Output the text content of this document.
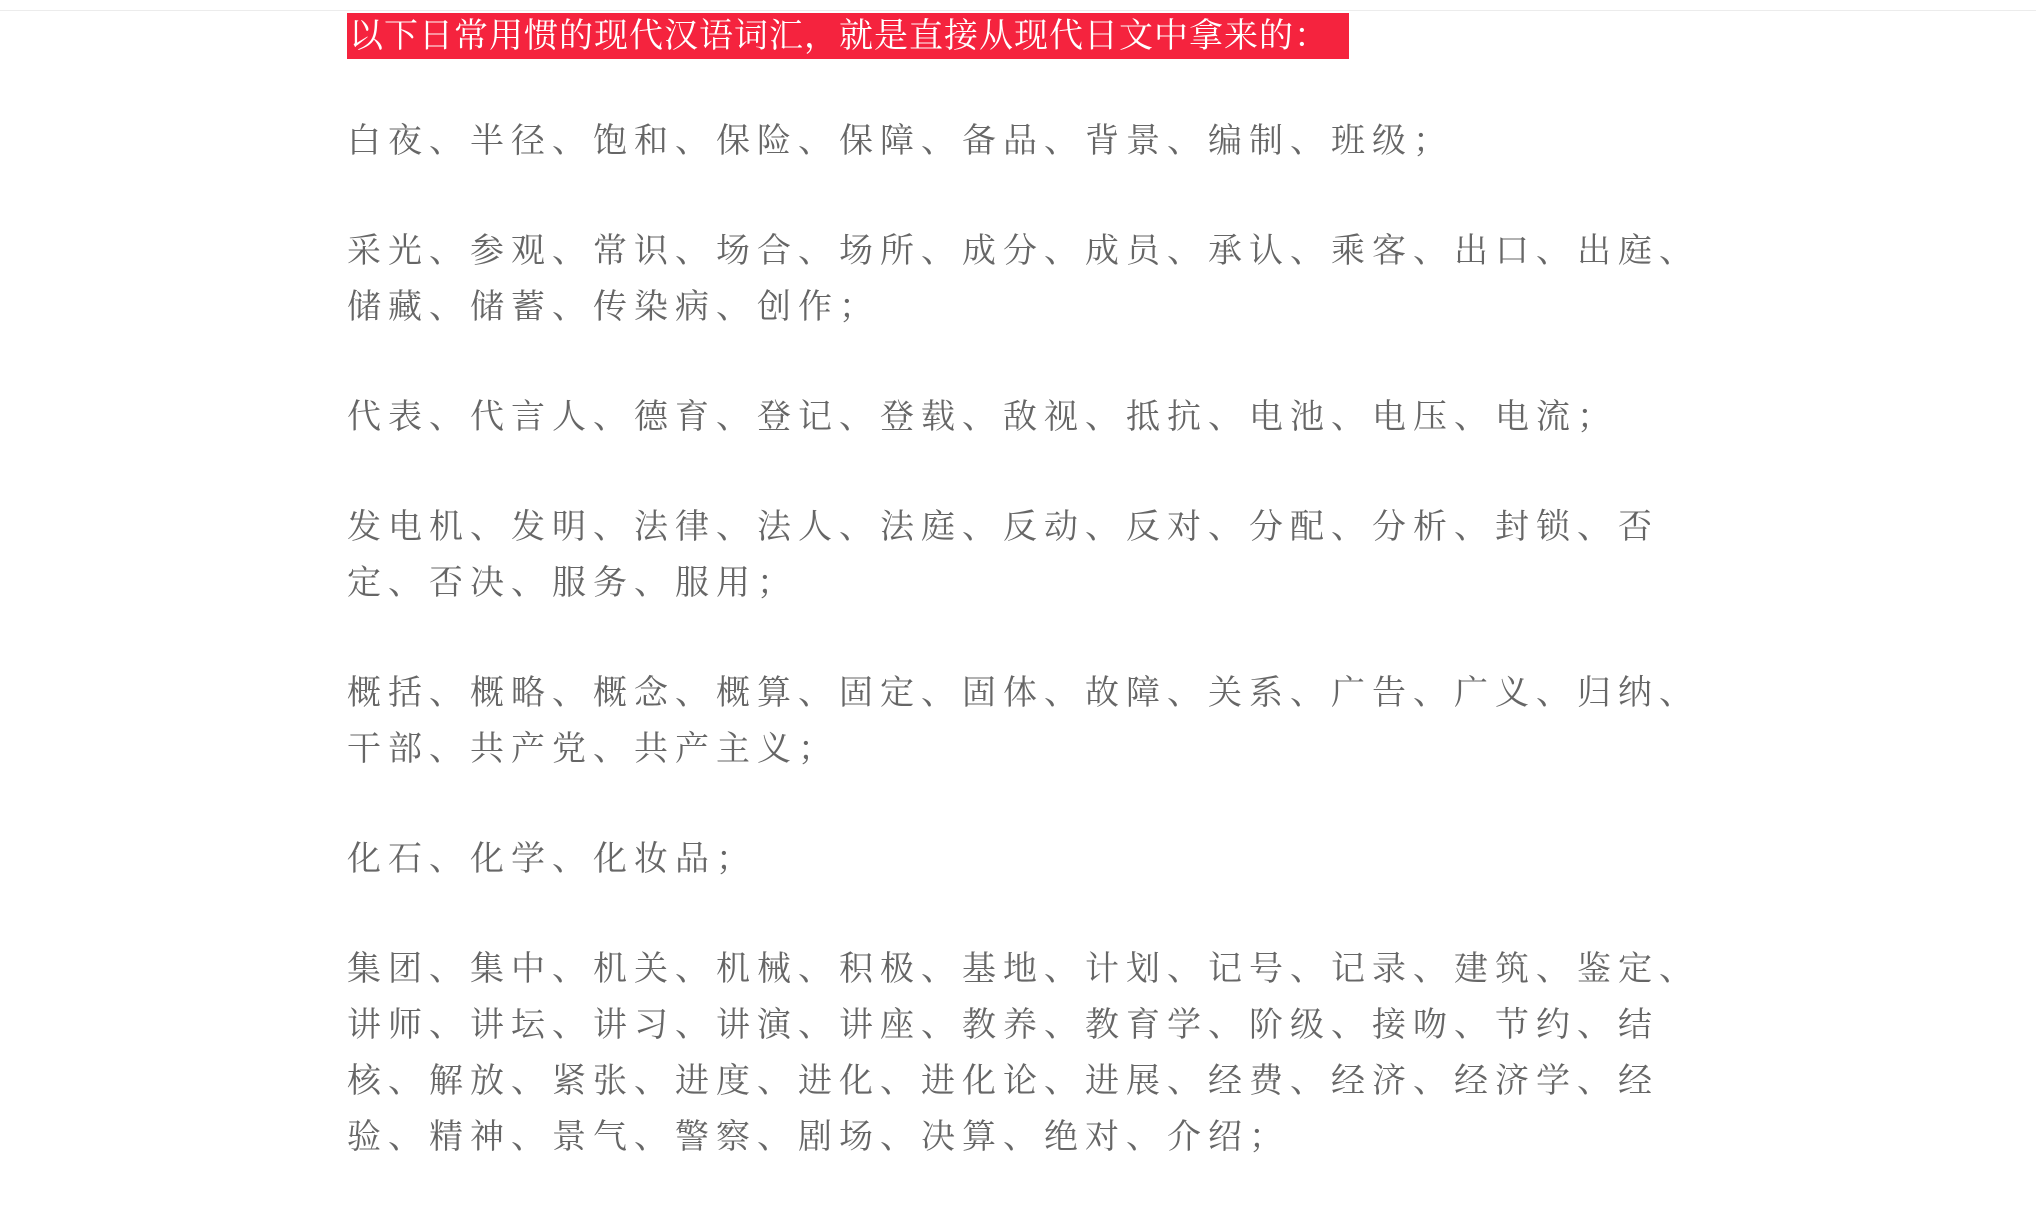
以下日常用惯的现代汉语词汇，就是直接从现代日文中拿来的：

白夜、半径、饱和、保险、保障、备品、背景、编制、班级；

采光、参观、常识、场合、场所、成分、成员、承认、乘客、出口、出庭、储藏、储蓄、传染病、创作；

代表、代言人、德育、登记、登载、敌视、抵抗、电池、电压、电流；

发电机、发明、法律、法人、法庭、反动、反对、分配、分析、封锁、否定、否决、服务、服用；

概括、概略、概念、概算、固定、固体、故障、关系、广告、广义、归纳、干部、共产党、共产主义；

化石、化学、化妆品；

集团、集中、机关、机械、积极、基地、计划、记号、记录、建筑、鉴定、讲师、讲坛、讲习、讲演、讲座、教养、教育学、阶级、接吻、节约、结核、解放、紧张、进度、进化、进化论、进展、经费、经济、经济学、经验、精神、景气、警察、剧场、决算、绝对、介绍；
